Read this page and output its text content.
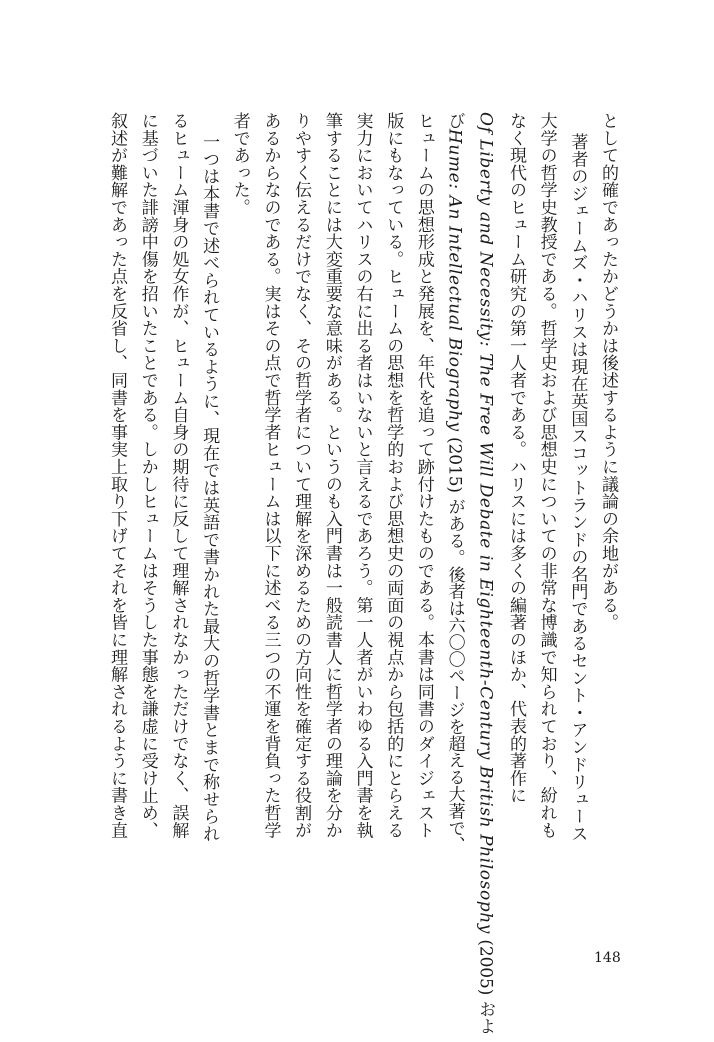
として的確であったかどうかは後述するように議論の余地がある。
著者のジェームズ・ハリスは現在英国スコットランドの名門であるセント・アンドリュース
大学の哲学史教授である。哲学史および思想史についての非常な博識で知られており、紛れも
なく現代のヒューム研究の第一人者である。ハリスには多くの編著のほか、代表的著作に
Of Liberty and Necessity: The Free Will Debate in Eighteenth-Century British Philosophy (2005) およ
びHume: An Intellectual Biography (2015) がある。後者は六〇〇ページを超える大著で、
ヒュームの思想形成と発展を、年代を追って跡付けたものである。本書は同書のダイジェスト
版にもなっている。ヒュームの思想を哲学的および思想史の両面の視点から包括的にとらえる
実力においてハリスの右に出る者はいないと言えるであろう。第一人者がいわゆる入門書を執
筆することには大変重要な意味がある。というのも入門書は一般読書人に哲学者の理論を分か
りやすく伝えるだけでなく、その哲学者について理解を深めるための方向性を確定する役割が
あるからなのである。実はその点で哲学者ヒュームは以下に述べる三つの不運を背負った哲学
者であった。
一つは本書で述べられているように、現在では英語で書かれた最大の哲学書とまで称せられ
るヒューム渾身の処女作が、ヒューム自身の期待に反して理解されなかっただけでなく、誤解
に基づいた誹謗中傷を招いたことである。しかしヒュームはそうした事態を謙虚に受け止め、
叙述が難解であった点を反省し、同書を事実上取り下げてそれを皆に理解されるように書き直
148
